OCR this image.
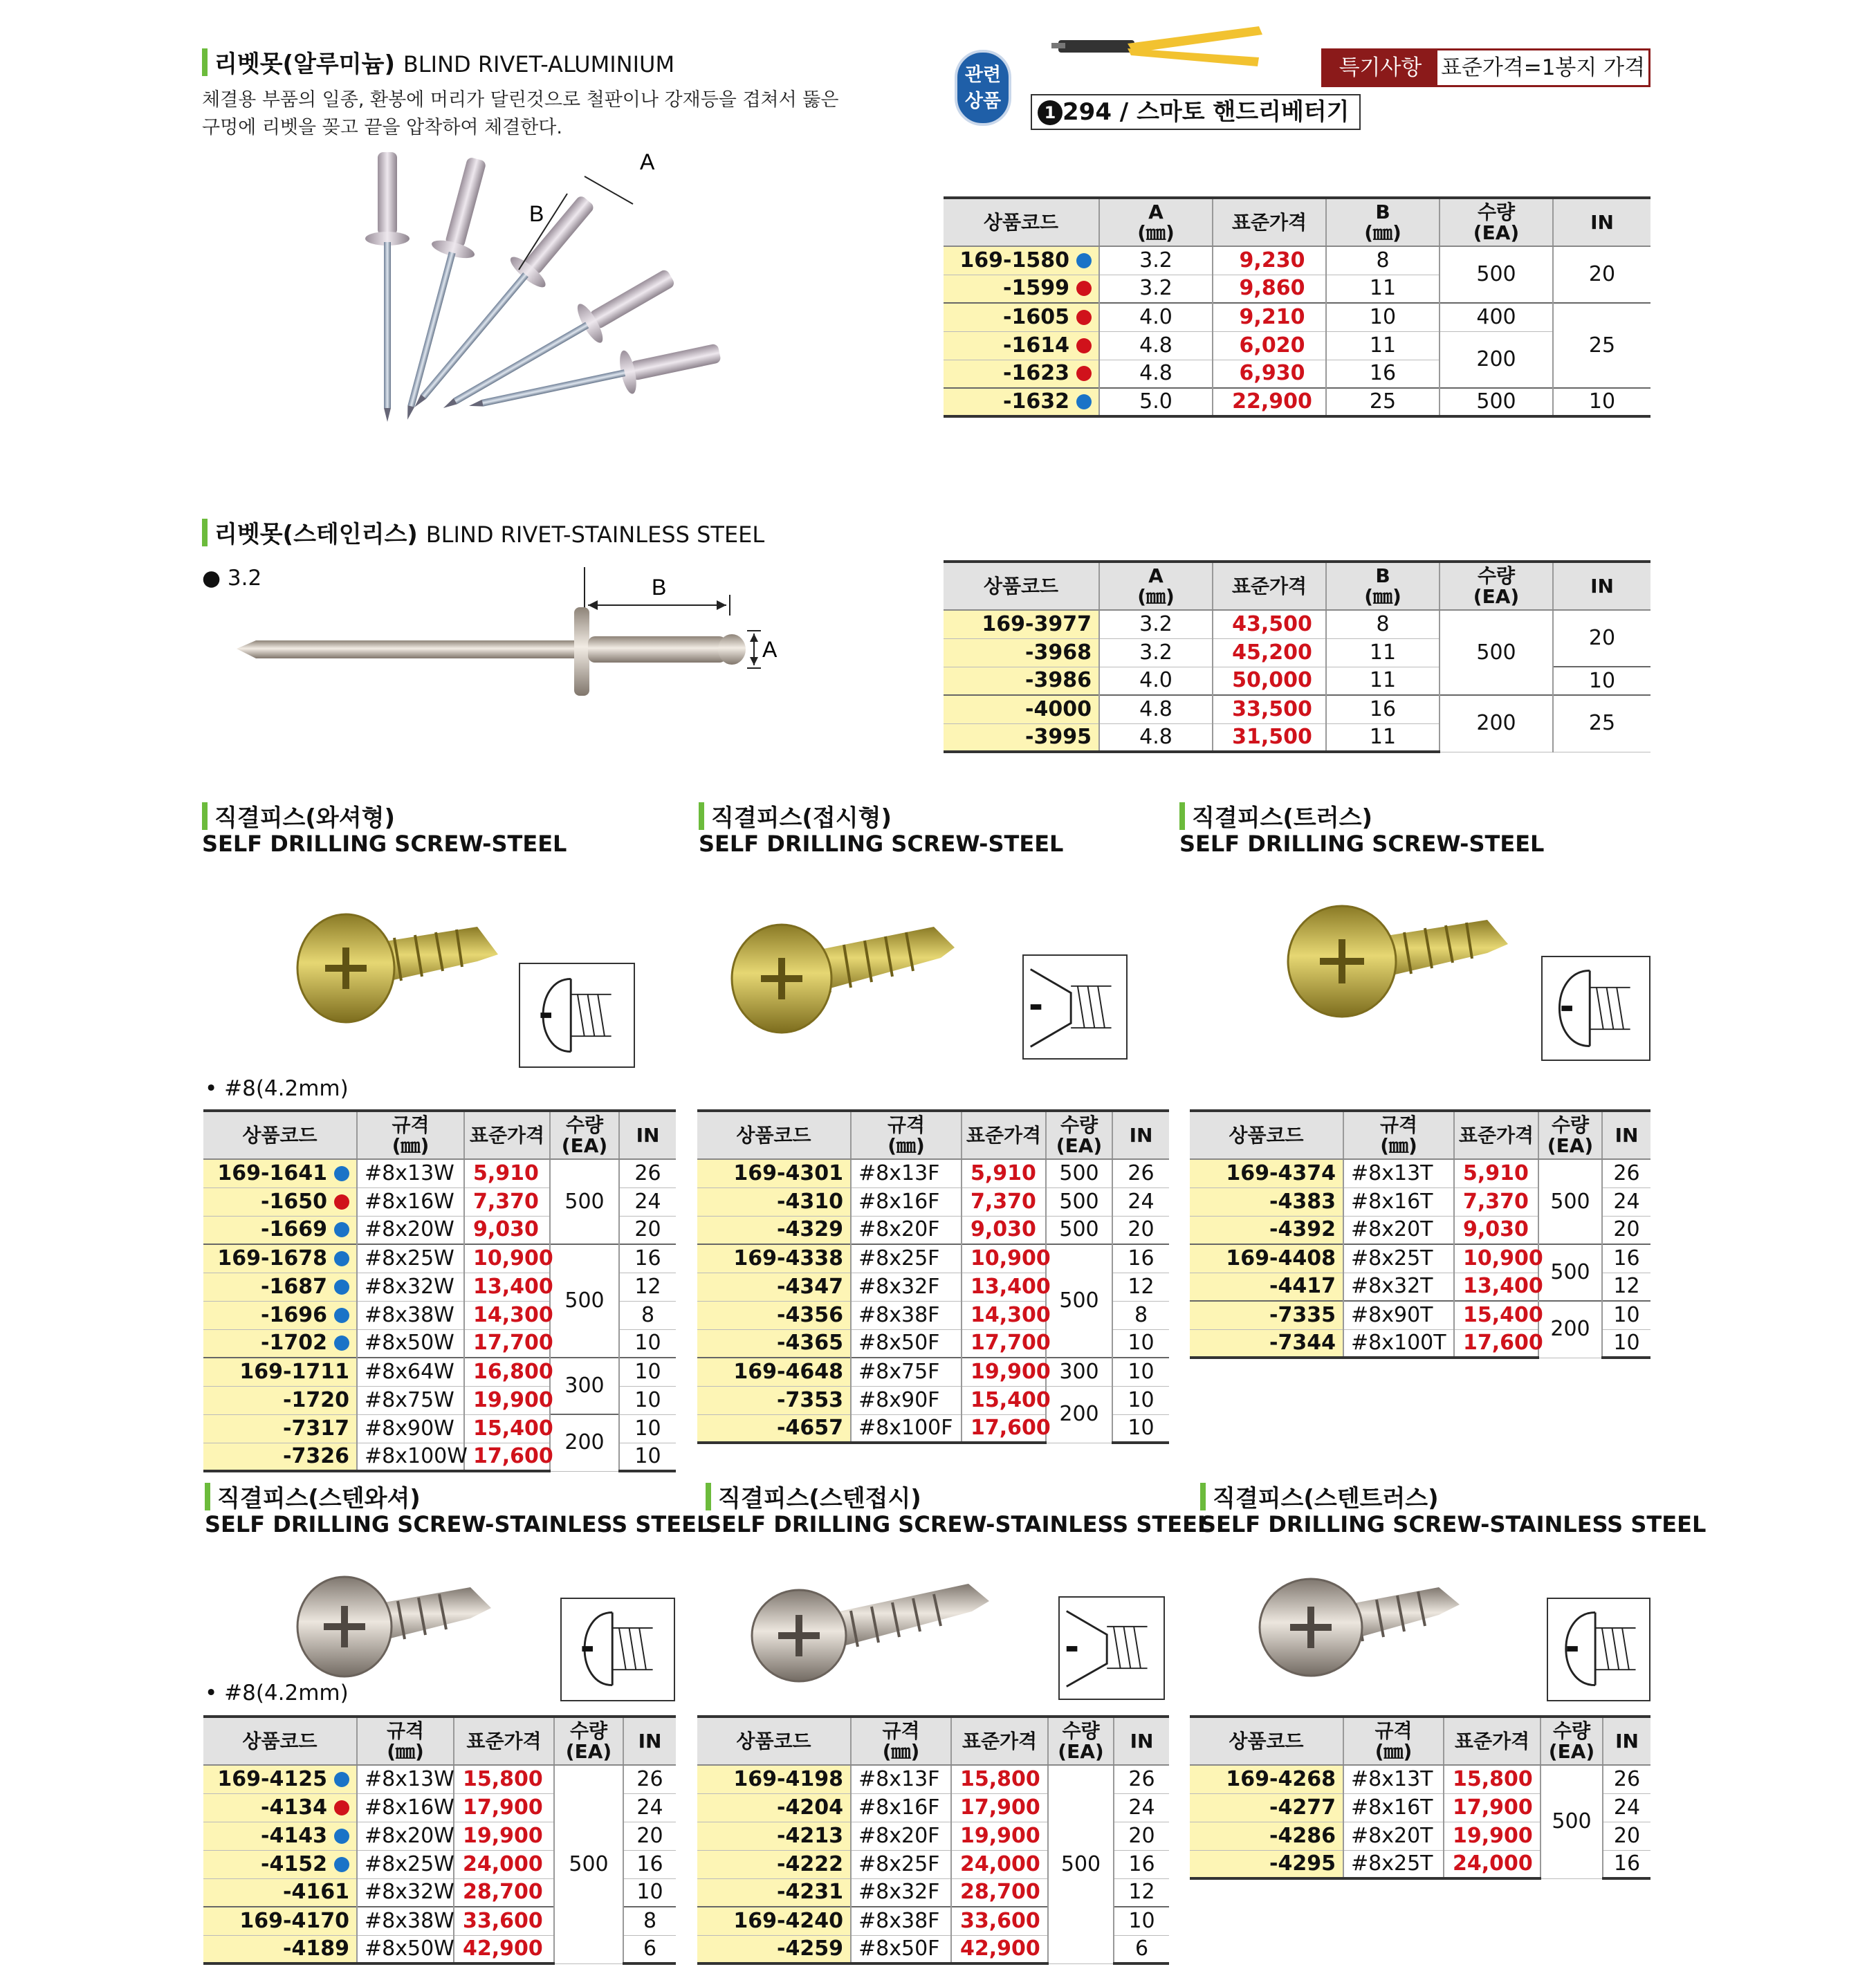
리벳못(알루미늄) BLIND RIVET-ALUMINIUM
체결용 부품의 일종, 환봉에 머리가 달린것으로 철판이나 강재등을 겹쳐서 뚫은
구멍에 리벳을 꽂고 끝을 압착하여 체결한다.
A
B
관련
상품
1 294 / 스마토 핸드리베터기
특기사항 표준가격=1봉지 가격
상품코드	A
(㎜)	표준가격	B
(㎜)	수량
(EA)	IN
169-1580	3.2	9,230	8	500	20
-1599	3.2	9,860	11		
-1605	4.0	9,210	10	400	25
-1614	4.8	6,020	11	200	
-1623	4.8	6,930	16		
-1632	5.0	22,900	25	500	10
리벳못(스테인리스) BLIND RIVET-STAINLESS STEEL
● 3.2	B
A
상품코드	A
(㎜)	표준가격	B
(㎜)	수량
(EA)	IN
169-3977	3.2	43,500	8	500	20
-3968	3.2	45,200	11		
-3986	4.0	50,000	11		10
-4000	4.8	33,500	16	200	25
-3995	4.8	31,500	11		
직결피스(와셔형)
SELF DRILLING SCREW-STEEL
직결피스(접시형)
SELF DRILLING SCREW-STEEL
직결피스(트러스)
SELF DRILLING SCREW-STEEL
• #8(4.2mm)
상품코드	규격
(㎜)	표준가격	수량
(EA)	IN
169-1641	#8x13W	5,910	500	26
-1650	#8x16W	7,370		24
-1669	#8x20W	9,030		20
169-1678	#8x25W	10,900	500	16
-1687	#8x32W	13,400		12
-1696	#8x38W	14,300		8
-1702	#8x50W	17,700		10
169-1711	#8x64W	16,800	300	10
-1720	#8x75W	19,900		10
-7317	#8x90W	15,400	200	10
-7326	#8x100W	17,600		10
상품코드	규격
(㎜)	표준가격	수량
(EA)	IN
169-4301	#8x13F	5,910	500	26
-4310	#8x16F	7,370	500	24
-4329	#8x20F	9,030	500	20
169-4338	#8x25F	10,900	500	16
-4347	#8x32F	13,400		12
-4356	#8x38F	14,300		8
-4365	#8x50F	17,700		10
169-4648	#8x75F	19,900	300	10
-7353	#8x90F	15,400	200	10
-4657	#8x100F	17,600		10
상품코드	규격
(㎜)	표준가격	수량
(EA)	IN
169-4374	#8x13T	5,910	500	26
-4383	#8x16T	7,370		24
-4392	#8x20T	9,030		20
169-4408	#8x25T	10,900	500	16
-4417	#8x32T	13,400		12
-7335	#8x90T	15,400	200	10
-7344	#8x100T	17,600		10
직결피스(스텐와셔)
SELF DRILLING SCREW-STAINLESS STEEL
직결피스(스텐접시)
SELF DRILLING SCREW-STAINLESS STEEL
직결피스(스텐트러스)
SELF DRILLING SCREW-STAINLESS STEEL
• #8(4.2mm)
상품코드	규격
(㎜)	표준가격	수량
(EA)	IN
169-4125	#8x13W	15,800	500	26
-4134	#8x16W	17,900		24
-4143	#8x20W	19,900		20
-4152	#8x25W	24,000		16
-4161	#8x32W	28,700		10
169-4170	#8x38W	33,600		8
-4189	#8x50W	42,900		6
상품코드	규격
(㎜)	표준가격	수량
(EA)	IN
169-4198	#8x13F	15,800	500	26
-4204	#8x16F	17,900		24
-4213	#8x20F	19,900		20
-4222	#8x25F	24,000		16
-4231	#8x32F	28,700		12
169-4240	#8x38F	33,600		10
-4259	#8x50F	42,900		6
상품코드	규격
(㎜)	표준가격	수량
(EA)	IN
169-4268	#8x13T	15,800	500	26
-4277	#8x16T	17,900		24
-4286	#8x20T	19,900		20
-4295	#8x25T	24,000		16
